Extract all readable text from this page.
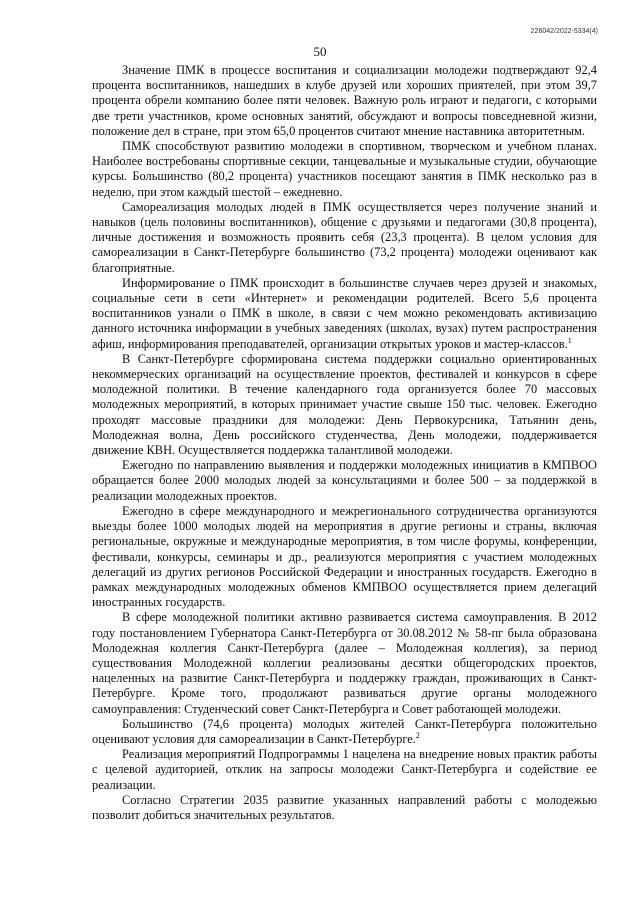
226042/2022-5334(4)
50

Значение ПМК в процессе воспитания и социализации молодежи подтверждают 92,4 процента воспитанников, нашедших в клубе друзей или хороших приятелей, при этом 39,7 процента обрели компанию более пяти человек. Важную роль играют и педагоги, с которыми две трети участников, кроме основных занятий, обсуждают и вопросы повседневной жизни, положение дел в стране, при этом 65,0 процентов считают мнение наставника авторитетным.

ПМК способствуют развитию молодежи в спортивном, творческом и учебном планах. Наиболее востребованы спортивные секции, танцевальные и музыкальные студии, обучающие курсы. Большинство (80,2 процента) участников посещают занятия в ПМК несколько раз в неделю, при этом каждый шестой – ежедневно.

Самореализация молодых людей в ПМК осуществляется через получение знаний и навыков (цель половины воспитанников), общение с друзьями и педагогами (30,8 процента), личные достижения и возможность проявить себя (23,3 процента). В целом условия для самореализации в Санкт-Петербурге большинство (73,2 процента) молодежи оценивают как благоприятные.

Информирование о ПМК происходит в большинстве случаев через друзей и знакомых, социальные сети в сети «Интернет» и рекомендации родителей. Всего 5,6 процента воспитанников узнали о ПМК в школе, в связи с чем можно рекомендовать активизацию данного источника информации в учебных заведениях (школах, вузах) путем распространения афиш, информирования преподавателей, организации открытых уроков и мастер-классов.$^1$

В Санкт-Петербурге сформирована система поддержки социально ориентированных некоммерческих организаций на осуществление проектов, фестивалей и конкурсов в сфере молодежной политики. В течение календарного года организуется более 70 массовых молодежных мероприятий, в которых принимает участие свыше 150 тыс. человек. Ежегодно проходят массовые праздники для молодежи: День Первокурсника, Татьянин день, Молодежная волна, День российского студенчества, День молодежи, поддерживается движение КВН. Осуществляется поддержка талантливой молодежи.

Ежегодно по направлению выявления и поддержки молодежных инициатив в КМПВОО обращается более 2000 молодых людей за консультациями и более 500 – за поддержкой в реализации молодежных проектов.

Ежегодно в сфере международного и межрегионального сотрудничества организуются выезды более 1000 молодых людей на мероприятия в другие регионы и страны, включая региональные, окружные и международные мероприятия, в том числе форумы, конференции, фестивали, конкурсы, семинары и др., реализуются мероприятия с участием молодежных делегаций из других регионов Российской Федерации и иностранных государств. Ежегодно в рамках международных молодежных обменов КМПВОО осуществляется прием делегаций иностранных государств.

В сфере молодежной политики активно развивается система самоуправления. В 2012 году постановлением Губернатора Санкт-Петербурга от 30.08.2012 № 58-пг была образована Молодежная коллегия Санкт-Петербурга (далее – Молодежная коллегия), за период существования Молодежной коллегии реализованы десятки общегородских проектов, нацеленных на развитие Санкт-Петербурга и поддержку граждан, проживающих в Санкт-Петербурге. Кроме того, продолжают развиваться другие органы молодежного самоуправления: Студенческий совет Санкт-Петербурга и Совет работающей молодежи.

Большинство (74,6 процента) молодых жителей Санкт-Петербурга положительно оценивают условия для самореализации в Санкт-Петербурге.$^2$

Реализация мероприятий Подпрограммы 1 нацелена на внедрение новых практик работы с целевой аудиторией, отклик на запросы молодежи Санкт-Петербурга и содействие ее реализации.

Согласно Стратегии 2035 развитие указанных направлений работы с молодежью позволит добиться значительных результатов.
